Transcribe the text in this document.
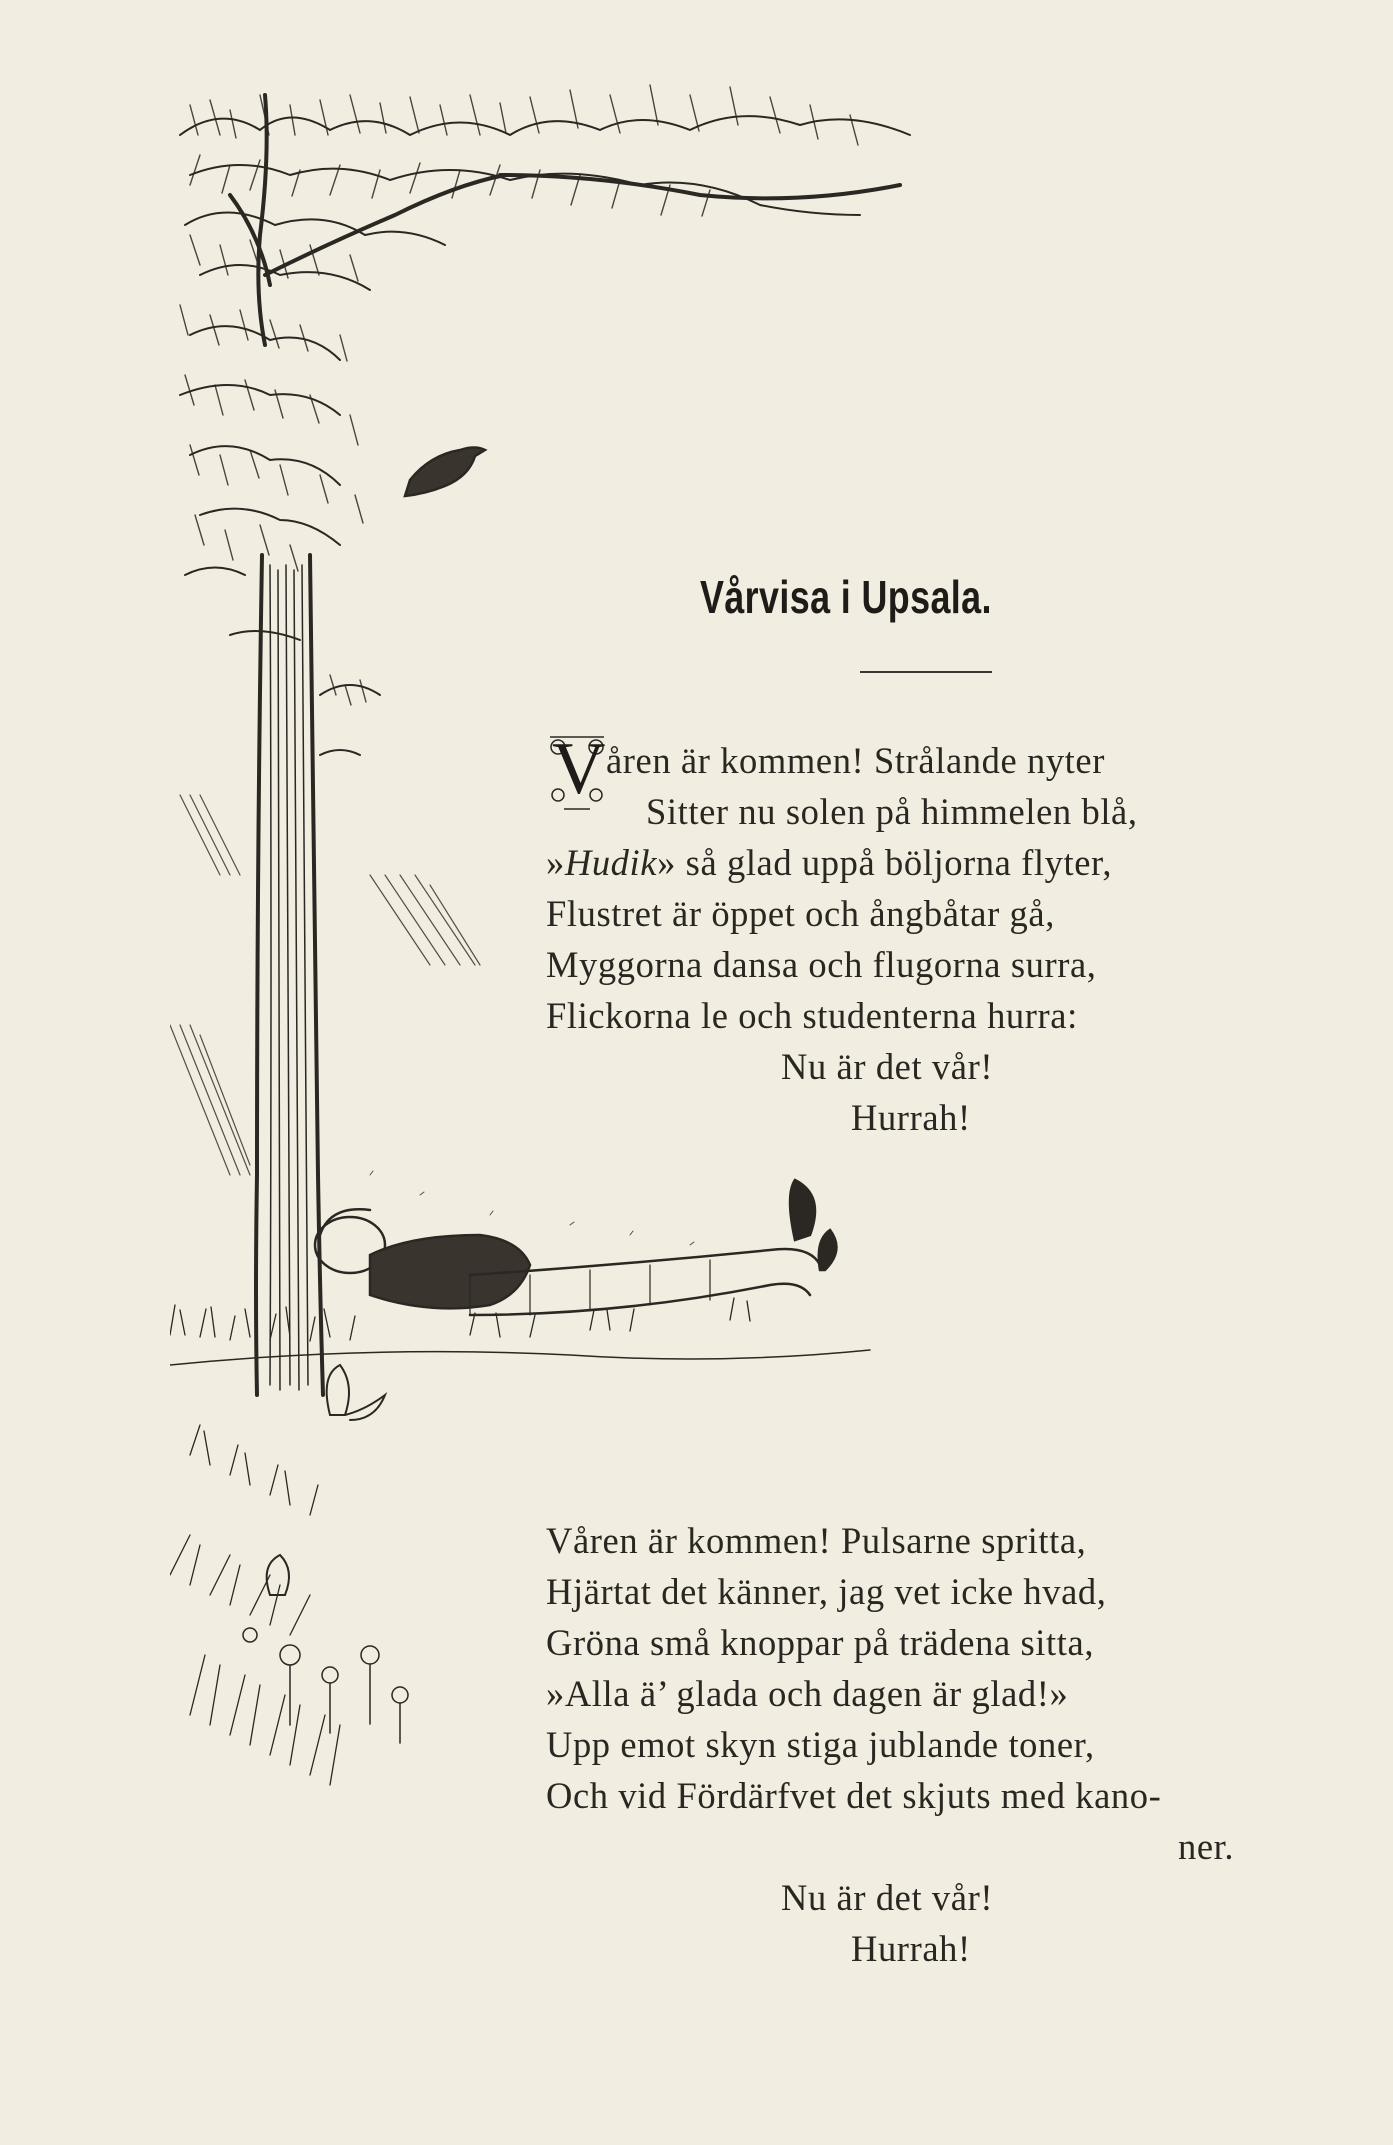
Vårvisa i Upsala.
V åren är kommen! Strålande nyter
Sitter nu solen på himmelen blå,
»Hudik» så glad uppå böljorna flyter,
Flustret är öppet och ångbåtar gå,
Myggorna dansa och flugorna surra,
Flickorna le och studenterna hurra:
Nu är det vår!
Hurrah!
Våren är kommen! Pulsarne spritta,
Hjärtat det känner, jag vet icke hvad,
Gröna små knoppar på trädena sitta,
»Alla ä’ glada och dagen är glad!»
Upp emot skyn stiga jublande toner,
Och vid Fördärfvet det skjuts med kano-
ner.
Nu är det vår!
Hurrah!
